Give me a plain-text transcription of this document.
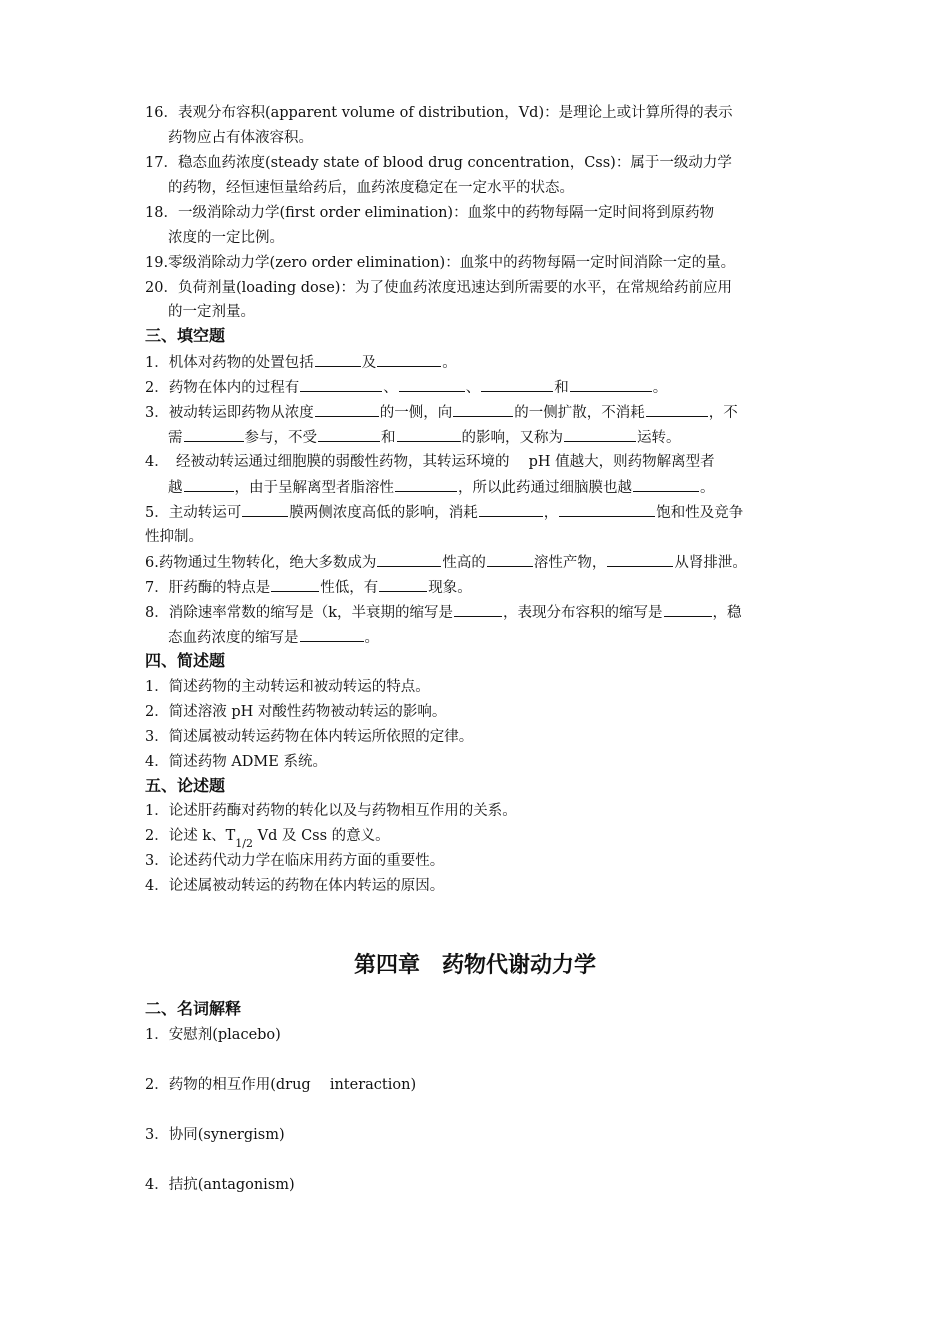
16．表观分布容积(apparent volume of distribution，Vd)：是理论上或计算所得的表示
药物应占有体液容积。
17．稳态血药浓度(steady state of blood drug concentration，Css)：属于一级动力学
的药物，经恒速恒量给药后，血药浓度稳定在一定水平的状态。
18．一级消除动力学(first order elimination)：血浆中的药物每隔一定时间将到原药物
浓度的一定比例。
19.零级消除动力学(zero order elimination)：血浆中的药物每隔一定时间消除一定的量。
20．负荷剂量(loading dose)：为了使血药浓度迅速达到所需要的水平，在常规给药前应用
的一定剂量。
三、填空题
1．机体对药物的处置包括	及	。
2．药物在体内的过程有	、	、	和	。
3．被动转运即药物从浓度	的一侧，向	的一侧扩散，不消耗	，不
需	参与，不受	和	的影响，又称为	运转。
4．　经被动转运通过细胞膜的弱酸性药物，其转运环境的　 pH 值越大，则药物解离型者
越	，由于呈解离型者脂溶性	，所以此药通过细脑膜也越	。
5．主动转运可	膜两侧浓度高低的影响，消耗	，	饱和性及竞争
性抑制。
6.药物通过生物转化，绝大多数成为	性高的	溶性产物，	从肾排泄。
7．肝药酶的特点是	性低，有	现象。
8．消除速率常数的缩写是（k，半衰期的缩写是	，表现分布容积的缩写是	，稳
态血药浓度的缩写是	。
四、简述题
1．简述药物的主动转运和被动转运的特点。
2．简述溶液 pH 对酸性药物被动转运的影响。
3．简述属被动转运药物在体内转运所依照的定律。
4．简述药物 ADME 系统。
五、论述题
1．论述肝药酶对药物的转化以及与药物相互作用的关系。
2．论述 k、$T_{1/2}$ Vd 及 Css 的意义。
3．论述药代动力学在临床用药方面的重要性。
4．论述属被动转运的药物在体内转运的原因。
第四章　药物代谢动力学
二、名词解释
1．安慰剂(placebo)
2．药物的相互作用(drug　 interaction)
3．协同(synergism)
4．拮抗(antagonism)
